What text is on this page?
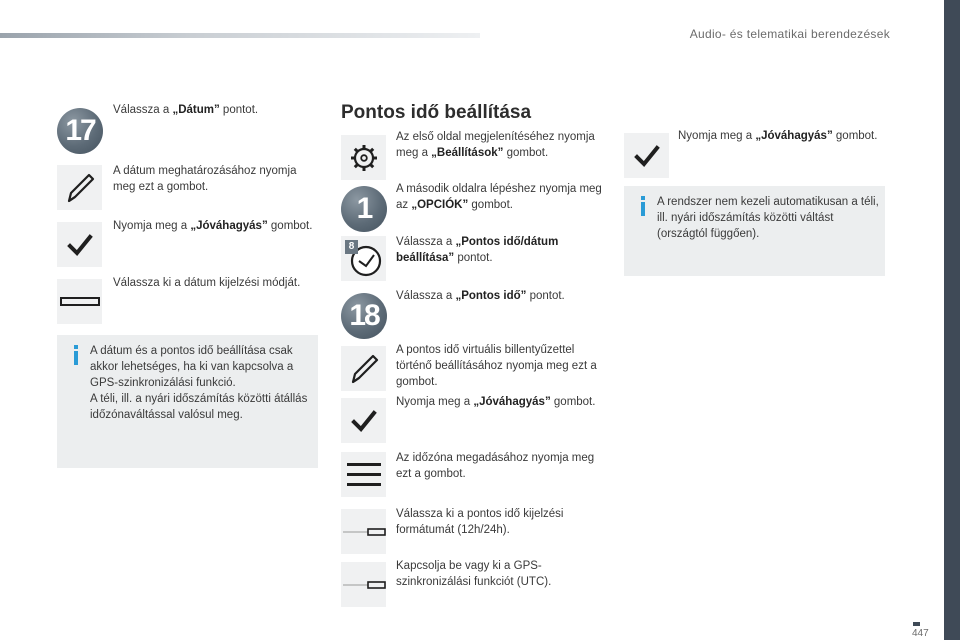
Audio- és telematikai berendezések
17
Válassza a „Dátum” pontot.
A dátum meghatározásához nyomja meg ezt a gombot.
Nyomja meg a „Jóváhagyás” gombot.
Válassza ki a dátum kijelzési módját.
A dátum és a pontos idő beállítása csak akkor lehetséges, ha ki van kapcsolva a GPS-szinkronizálási funkció.
A téli, ill. a nyári időszámítás közötti átállás időzónaváltással valósul meg.
Pontos idő beállítása
Az első oldal megjelenítéséhez nyomja meg a „Beállítások” gombot.
1
A második oldalra lépéshez nyomja meg az „OPCIÓK” gombot.
8	Válassza a „Pontos idő/dátum beállítása” pontot.
18
Válassza a „Pontos idő” pontot.
A pontos idő virtuális billentyűzettel történő beállításához nyomja meg ezt a gombot.
Nyomja meg a „Jóváhagyás” gombot.
Az időzóna megadásához nyomja meg ezt a gombot.
Válassza ki a pontos idő kijelzési formátumát (12h/24h).
Kapcsolja be vagy ki a GPS-szinkronizálási funkciót (UTC).
Nyomja meg a „Jóváhagyás” gombot.
A rendszer nem kezeli automatikusan a téli, ill. nyári időszámítás közötti váltást (országtól függően).
447
